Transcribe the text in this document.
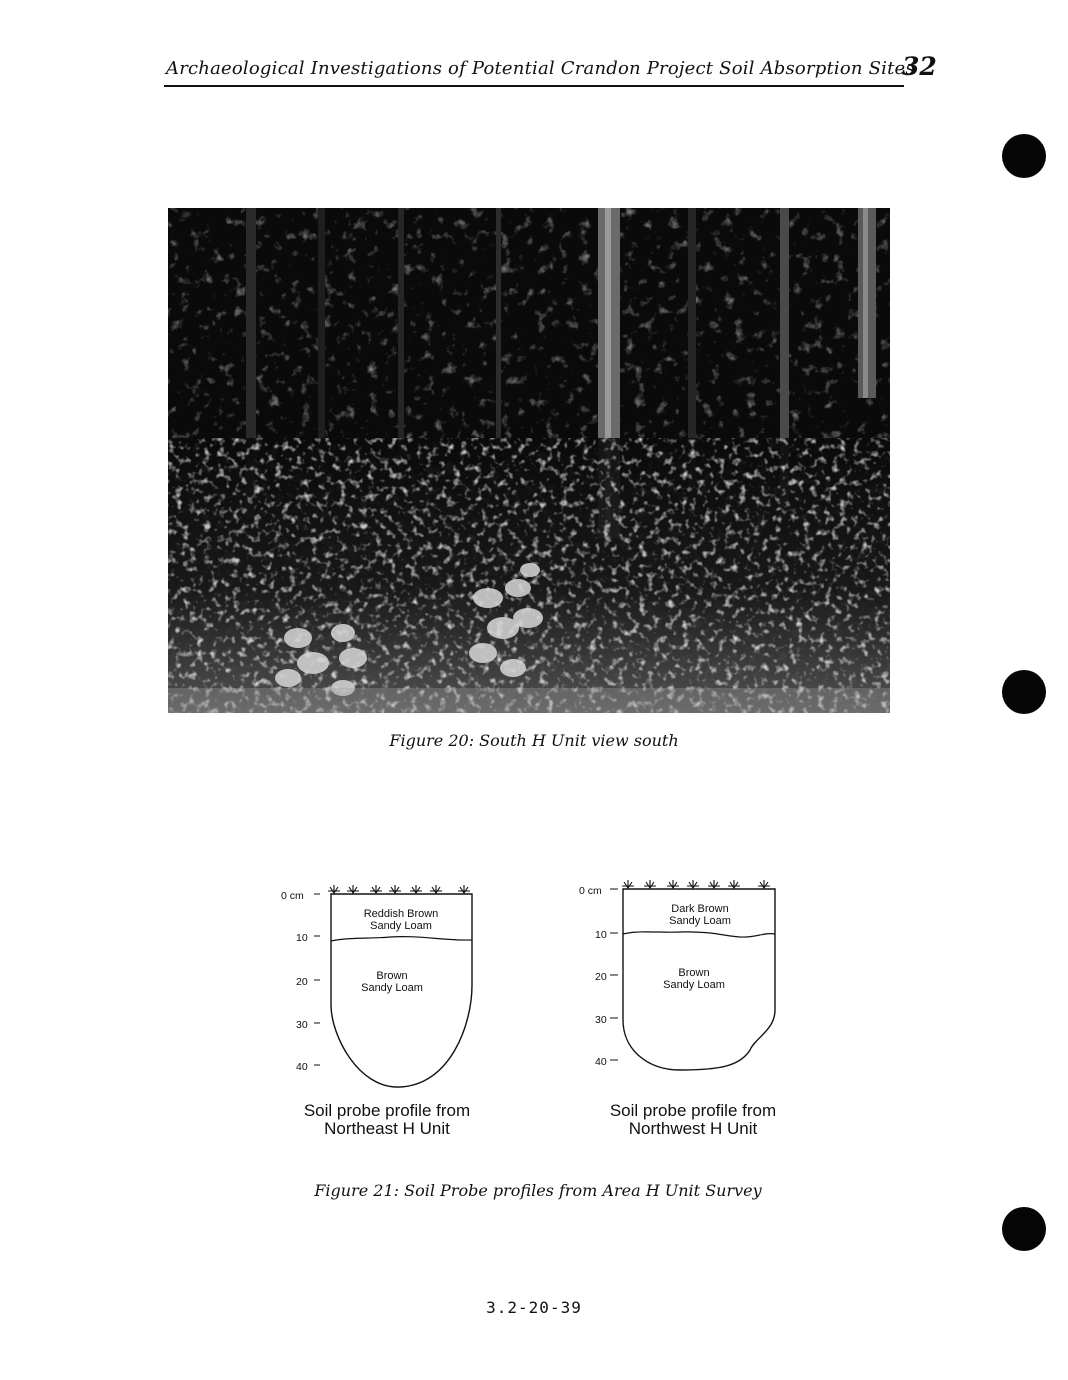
Archaeological Investigations of Potential Crandon Project Soil Absorption Sites
32
Figure 20: South H Unit view south
0 cm
10
20
30
40
Reddish Brown
Sandy Loam
Brown
Sandy Loam
Soil probe profile from
Northeast H Unit
0 cm
10
20
30
40
Dark Brown
Sandy Loam
Brown
Sandy Loam
Soil probe profile from
Northwest H Unit
Figure 21: Soil Probe profiles from Area H Unit Survey
3.2-20-39
